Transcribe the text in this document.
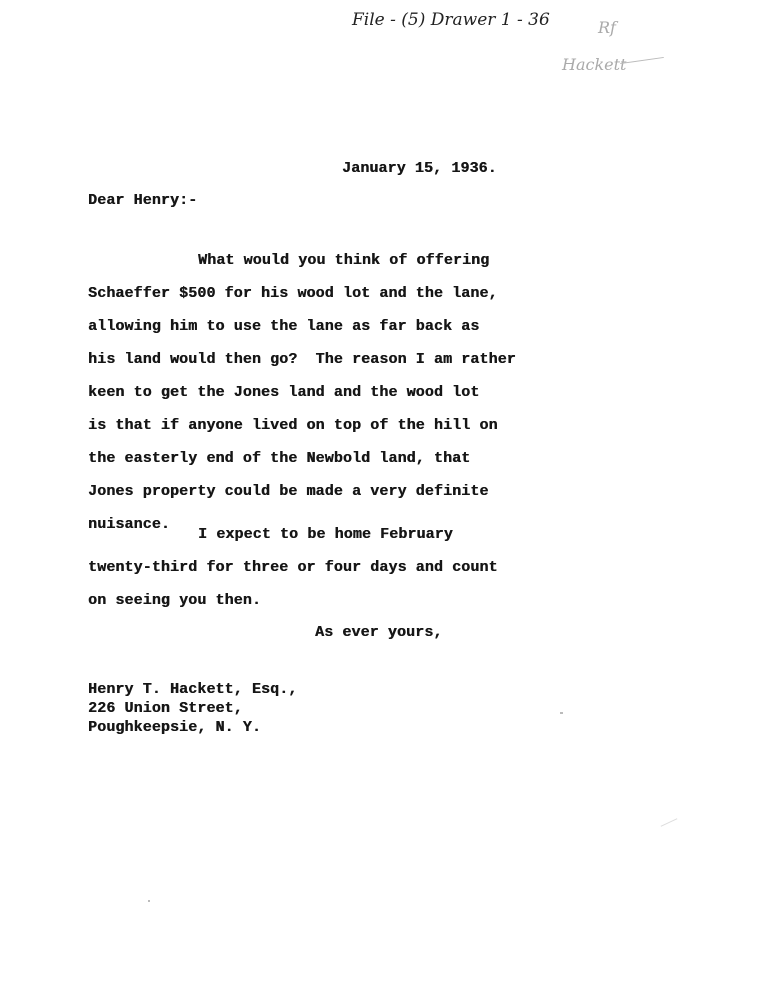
File - (5) Drawer 1 - 36	Rf
Hackett
January 15, 1936.
Dear Henry:-
What would you think of offering
Schaeffer $500 for his wood lot and the lane,
allowing him to use the lane as far back as
his land would then go?  The reason I am rather
keen to get the Jones land and the wood lot
is that if anyone lived on top of the hill on
the easterly end of the Newbold land, that
Jones property could be made a very definite
nuisance.
I expect to be home February
twenty-third for three or four days and count
on seeing you then.
As ever yours,
Henry T. Hackett, Esq.,
226 Union Street,
Poughkeepsie, N. Y.
